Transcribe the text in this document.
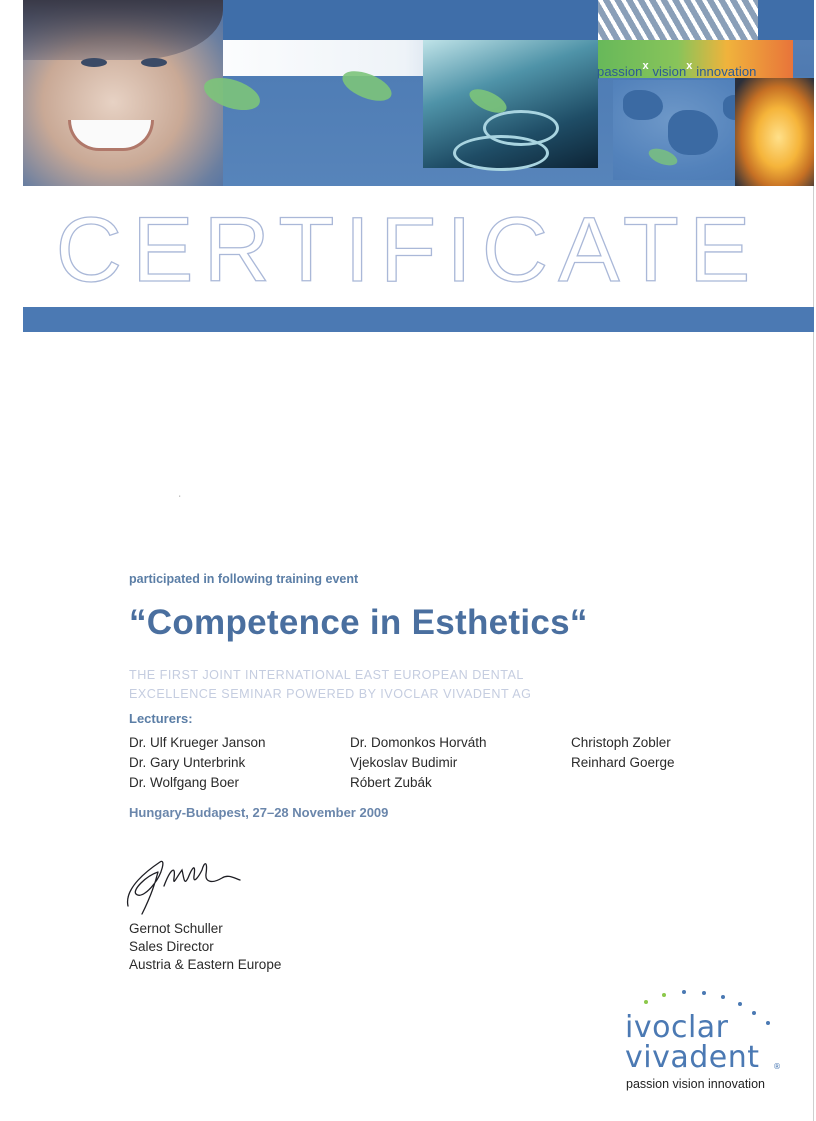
passion$^x$ vision$^x$ innovation
CERTIFICATE
⋅
participated in following training event
“Competence in Esthetics“
THE FIRST JOINT INTERNATIONAL EAST EUROPEAN DENTAL
EXCELLENCE SEMINAR POWERED BY IVOCLAR VIVADENT AG
Lecturers:
Dr. Ulf Krueger Janson
Dr. Gary Unterbrink
Dr. Wolfgang Boer
Dr. Domonkos Horváth
Vjekoslav Budimir
Róbert Zubák
Christoph Zobler
Reinhard Goerge
Hungary-Budapest, 27–28 November 2009
Gernot Schuller
Sales Director
Austria & Eastern Europe
ivoclar
vivadent ®
passion vision innovation
